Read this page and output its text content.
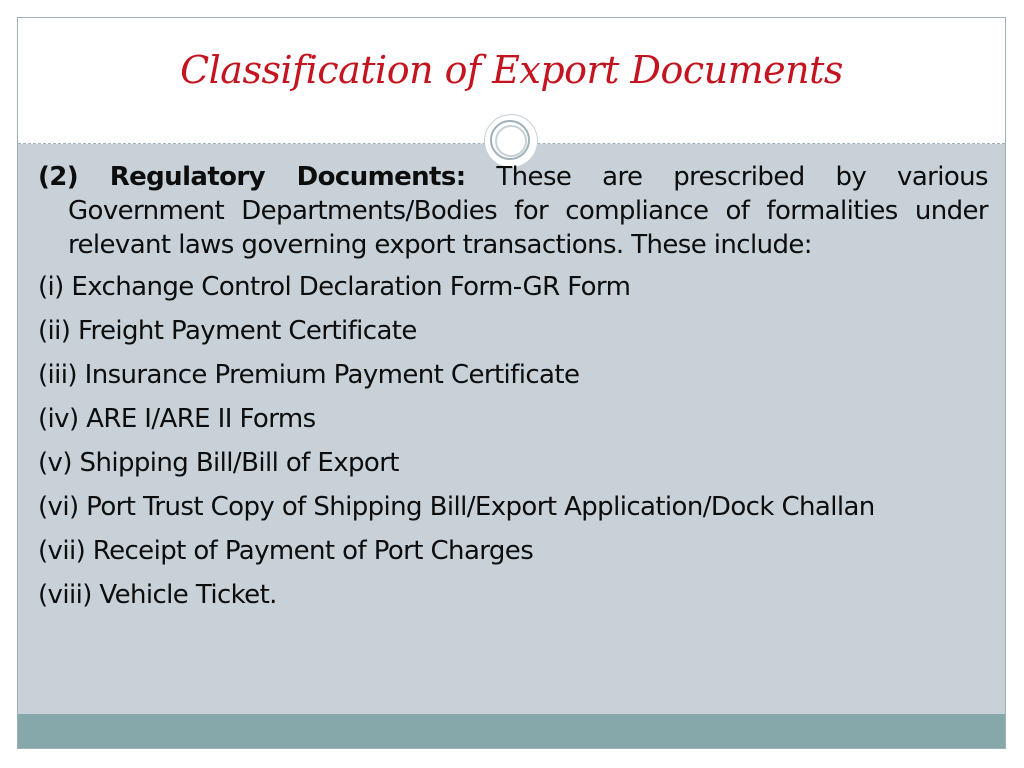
Classification of Export Documents

(2) Regulatory Documents: These are prescribed by various Government Departments/Bodies for compliance of formalities under relevant laws governing export transactions. These include:

(i) Exchange Control Declaration Form-GR Form

(ii) Freight Payment Certificate

(iii) Insurance Premium Payment Certificate

(iv) ARE I/ARE II Forms

(v) Shipping Bill/Bill of Export

(vi) Port Trust Copy of Shipping Bill/Export Application/Dock Challan

(vii) Receipt of Payment of Port Charges

(viii) Vehicle Ticket.
